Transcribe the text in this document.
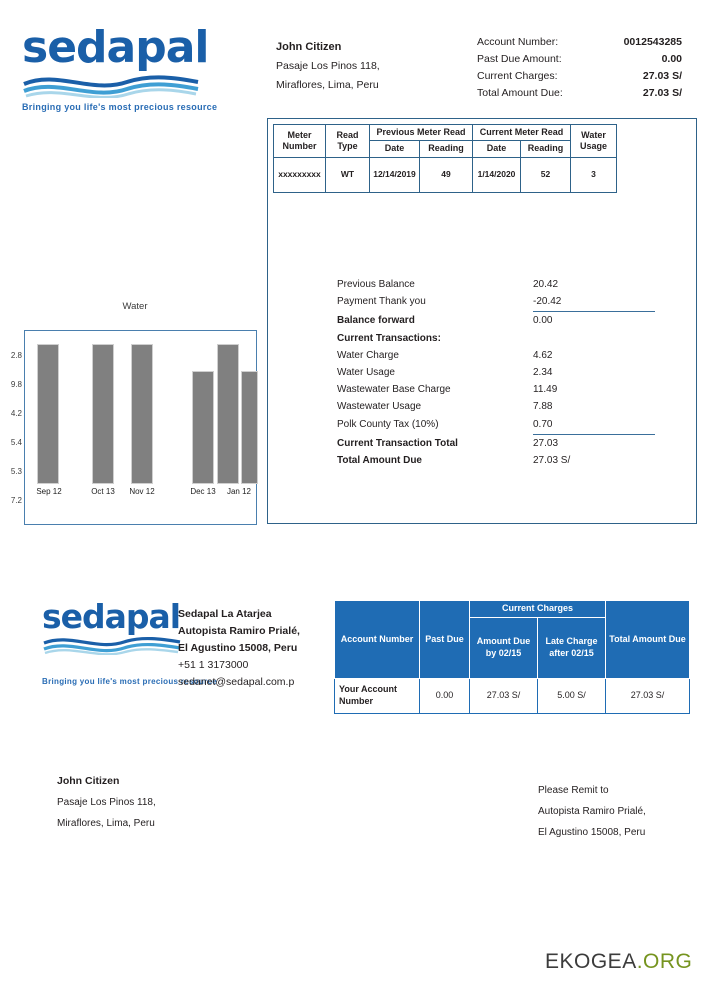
sedapal
Bringing you life's most precious resource
John Citizen
Pasaje Los Pinos 118,
Miraflores, Lima, Peru
Account Number:	0012543285
Past Due Amount:	0.00
Current Charges:	27.03 S/
Total Amount Due:	27.03 S/
Meter Number	Read Type	Previous Meter Read		Current Meter Read		Water Usage
		Date	Reading	Date	Reading	
xxxxxxxxx	WT	12/14/2019	49	1/14/2020	52	3
Previous Balance	20.42
Payment Thank you	-20.42
Balance forward	0.00
Current Transactions:
Water Charge	4.62
Water Usage	2.34
Wastewater Base Charge	11.49
Wastewater Usage	7.88
Polk County Tax (10%)	0.70
Current Transaction Total	27.03
Total Amount Due	27.03 S/
Water
2.8
9.8
4.2
5.4
5.3
7.2
Sep 12	Oct 13	Nov 12	Dec 13	Jan 12
sedapal
Bringing you life's most precious resource
Sedapal La Atarjea
Autopista Ramiro Prialé,
El Agustino 15008, Peru
+51 1 3173000
sedanet@sedapal.com.p
Account Number	Past Due	Current Charges		Total Amount Due
		Amount Due by 02/15	Late Charge after 02/15	
Your Account Number	0.00	27.03 S/	5.00 S/	27.03 S/
John Citizen
Pasaje Los Pinos 118,
Miraflores, Lima, Peru
Please Remit to
Autopista Ramiro Prialé,
El Agustino 15008, Peru
EKOGEA.ORG
